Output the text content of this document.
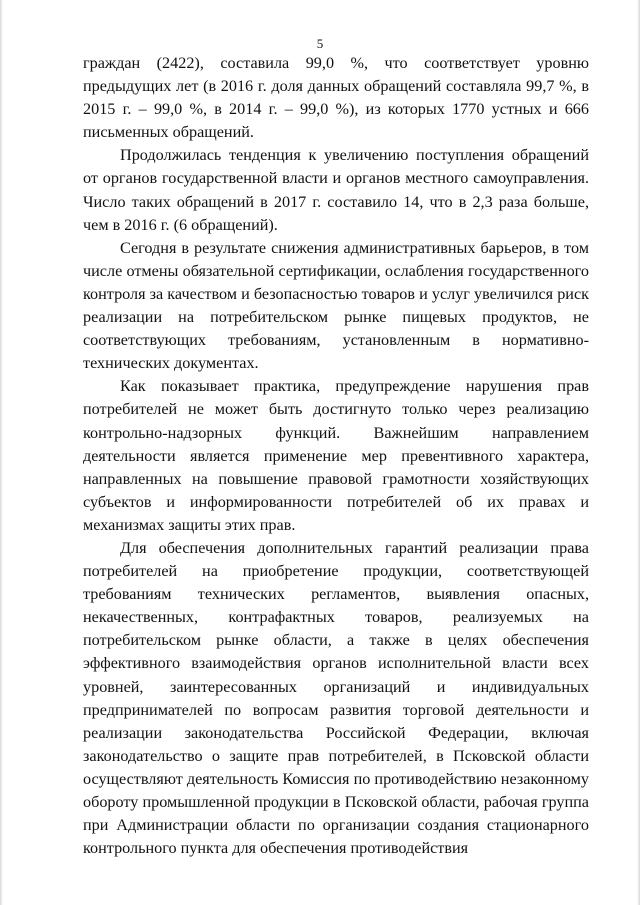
5

граждан (2422), составила 99,0 %, что соответствует уровню предыдущих лет (в 2016 г. доля данных обращений составляла 99,7 %, в 2015 г. – 99,0 %, в 2014 г. – 99,0 %), из которых 1770 устных и 666 письменных обращений.

Продолжилась тенденция к увеличению поступления обращений от органов государственной власти и органов местного самоуправления. Число таких обращений в 2017 г. составило 14, что в 2,3 раза больше, чем в 2016 г. (6 обращений).

Сегодня в результате снижения административных барьеров, в том числе отмены обязательной сертификации, ослабления государственного контроля за качеством и безопасностью товаров и услуг увеличился риск реализации на потребительском рынке пищевых продуктов, не соответствующих требованиям, установленным в нормативно-технических документах.

Как показывает практика, предупреждение нарушения прав потребителей не может быть достигнуто только через реализацию контрольно-надзорных функций. Важнейшим направлением деятельности является применение мер превентивного характера, направленных на повышение правовой грамотности хозяйствующих субъектов и информированности потребителей об их правах и механизмах защиты этих прав.

Для обеспечения дополнительных гарантий реализации права потребителей на приобретение продукции, соответствующей требованиям технических регламентов, выявления опасных, некачественных, контрафактных товаров, реализуемых на потребительском рынке области, а также в целях обеспечения эффективного взаимодействия органов исполнительной власти всех уровней, заинтересованных организаций и индивидуальных предпринимателей по вопросам развития торговой деятельности и реализации законодательства Российской Федерации, включая законодательство о защите прав потребителей, в Псковской области осуществляют деятельность Комиссия по противодействию незаконному обороту промышленной продукции в Псковской области, рабочая группа при Администрации области по организации создания стационарного контрольного пункта для обеспечения противодействия
